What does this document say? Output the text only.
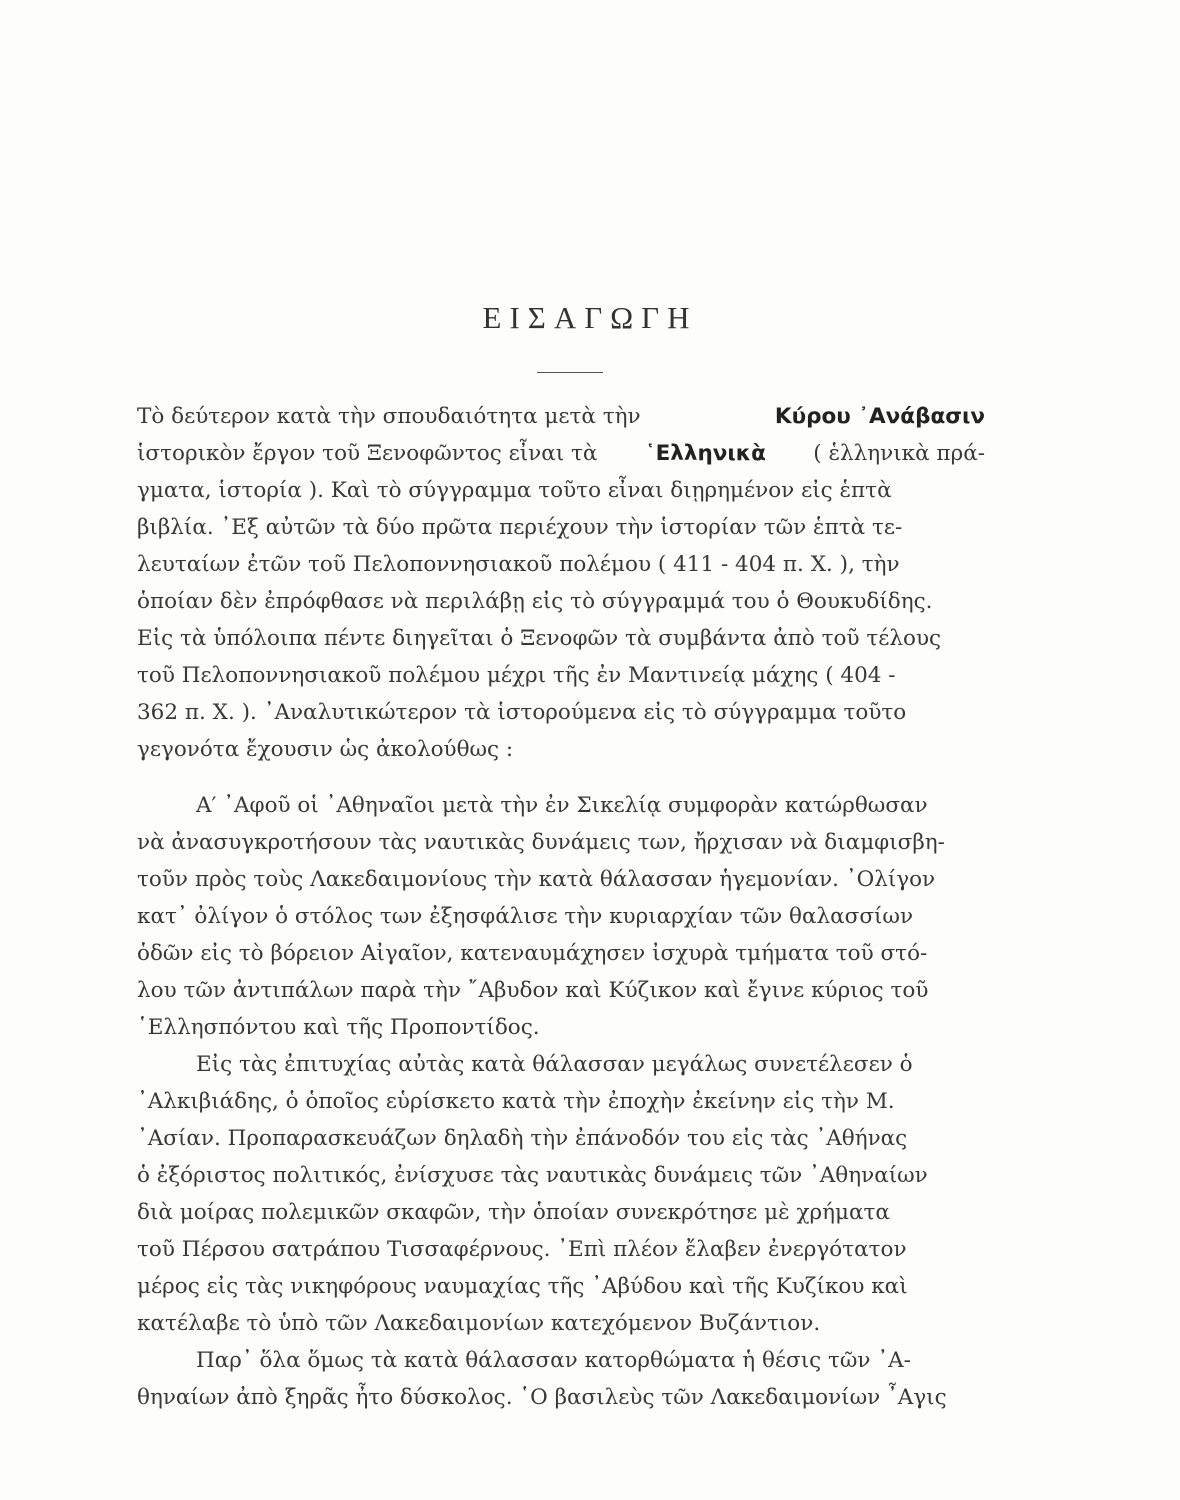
ΕΙΣΑΓΩΓΗ
Τὸ δεύτερον κατὰ τὴν σπουδαιότητα μετὰ τὴν	Κύρου ᾿Ανάβασιν
ἱστορικὸν ἔργον τοῦ Ξενοφῶντος εἶναι τὰ ῾Ελληνικὰ ( ἑλληνικὰ πρά-
γματα, ἱστορία ). Καὶ τὸ σύγγραμμα τοῦτο εἶναι διῃρημένον εἰς ἑπτὰ
βιβλία. ᾿Εξ αὐτῶν τὰ δύο πρῶτα περιέχουν τὴν ἱστορίαν τῶν ἑπτὰ τε-
λευταίων ἐτῶν τοῦ Πελοποννησιακοῦ πολέμου ( 411 - 404 π. Χ. ), τὴν
ὁποίαν δὲν ἐπρόφθασε νὰ περιλάβῃ εἰς τὸ σύγγραμμά του ὁ Θουκυδίδης.
Εἰς τὰ ὑπόλοιπα πέντε διηγεῖται ὁ Ξενοφῶν τὰ συμβάντα ἀπὸ τοῦ τέλους
τοῦ Πελοποννησιακοῦ πολέμου μέχρι τῆς ἐν Μαντινείᾳ μάχης ( 404 -
362 π. Χ. ). ᾿Αναλυτικώτερον τὰ ἱστορούμενα εἰς τὸ σύγγραμμα τοῦτο
γεγονότα ἔχουσιν ὡς ἀκολούθως :
Α′ ᾿Αφοῦ οἱ ᾿Αθηναῖοι μετὰ τὴν ἐν Σικελίᾳ συμφορὰν κατώρθωσαν
νὰ ἀνασυγκροτήσουν τὰς ναυτικὰς δυνάμεις των, ἤρχισαν νὰ διαμφισβη-
τοῦν πρὸς τοὺς Λακεδαιμονίους τὴν κατὰ θάλασσαν ἡγεμονίαν. ᾿Ολίγον
κατ᾿ ὀλίγον ὁ στόλος των ἐξησφάλισε τὴν κυριαρχίαν τῶν θαλασσίων
ὁδῶν εἰς τὸ βόρειον Αἰγαῖον, κατεναυμάχησεν ἰσχυρὰ τμήματα τοῦ στό-
λου τῶν ἀντιπάλων παρὰ τὴν ῎Αβυδον καὶ Κύζικον καὶ ἔγινε κύριος τοῦ
῾Ελλησπόντου καὶ τῆς Προποντίδος.
Εἰς τὰς ἐπιτυχίας αὐτὰς κατὰ θάλασσαν μεγάλως συνετέλεσεν ὁ
᾿Αλκιβιάδης, ὁ ὁποῖος εὑρίσκετο κατὰ τὴν ἐποχὴν ἐκείνην εἰς τὴν Μ.
᾿Ασίαν. Προπαρασκευάζων δηλαδὴ τὴν ἐπάνοδόν του εἰς τὰς ᾿Αθήνας
ὁ ἐξόριστος πολιτικός, ἐνίσχυσε τὰς ναυτικὰς δυνάμεις τῶν ᾿Αθηναίων
διὰ μοίρας πολεμικῶν σκαφῶν, τὴν ὁποίαν συνεκρότησε μὲ χρήματα
τοῦ Πέρσου σατράπου Τισσαφέρνους. ᾿Επὶ πλέον ἔλαβεν ἐνεργότατον
μέρος εἰς τὰς νικηφόρους ναυμαχίας τῆς ᾿Αβύδου καὶ τῆς Κυζίκου καὶ
κατέλαβε τὸ ὑπὸ τῶν Λακεδαιμονίων κατεχόμενον Βυζάντιον.
Παρ᾿ ὅλα ὅμως τὰ κατὰ θάλασσαν κατορθώματα ἡ θέσις τῶν ᾿Α-
θηναίων ἀπὸ ξηρᾶς ἦτο δύσκολος. ῾Ο βασιλεὺς τῶν Λακεδαιμονίων ῏Αγις
